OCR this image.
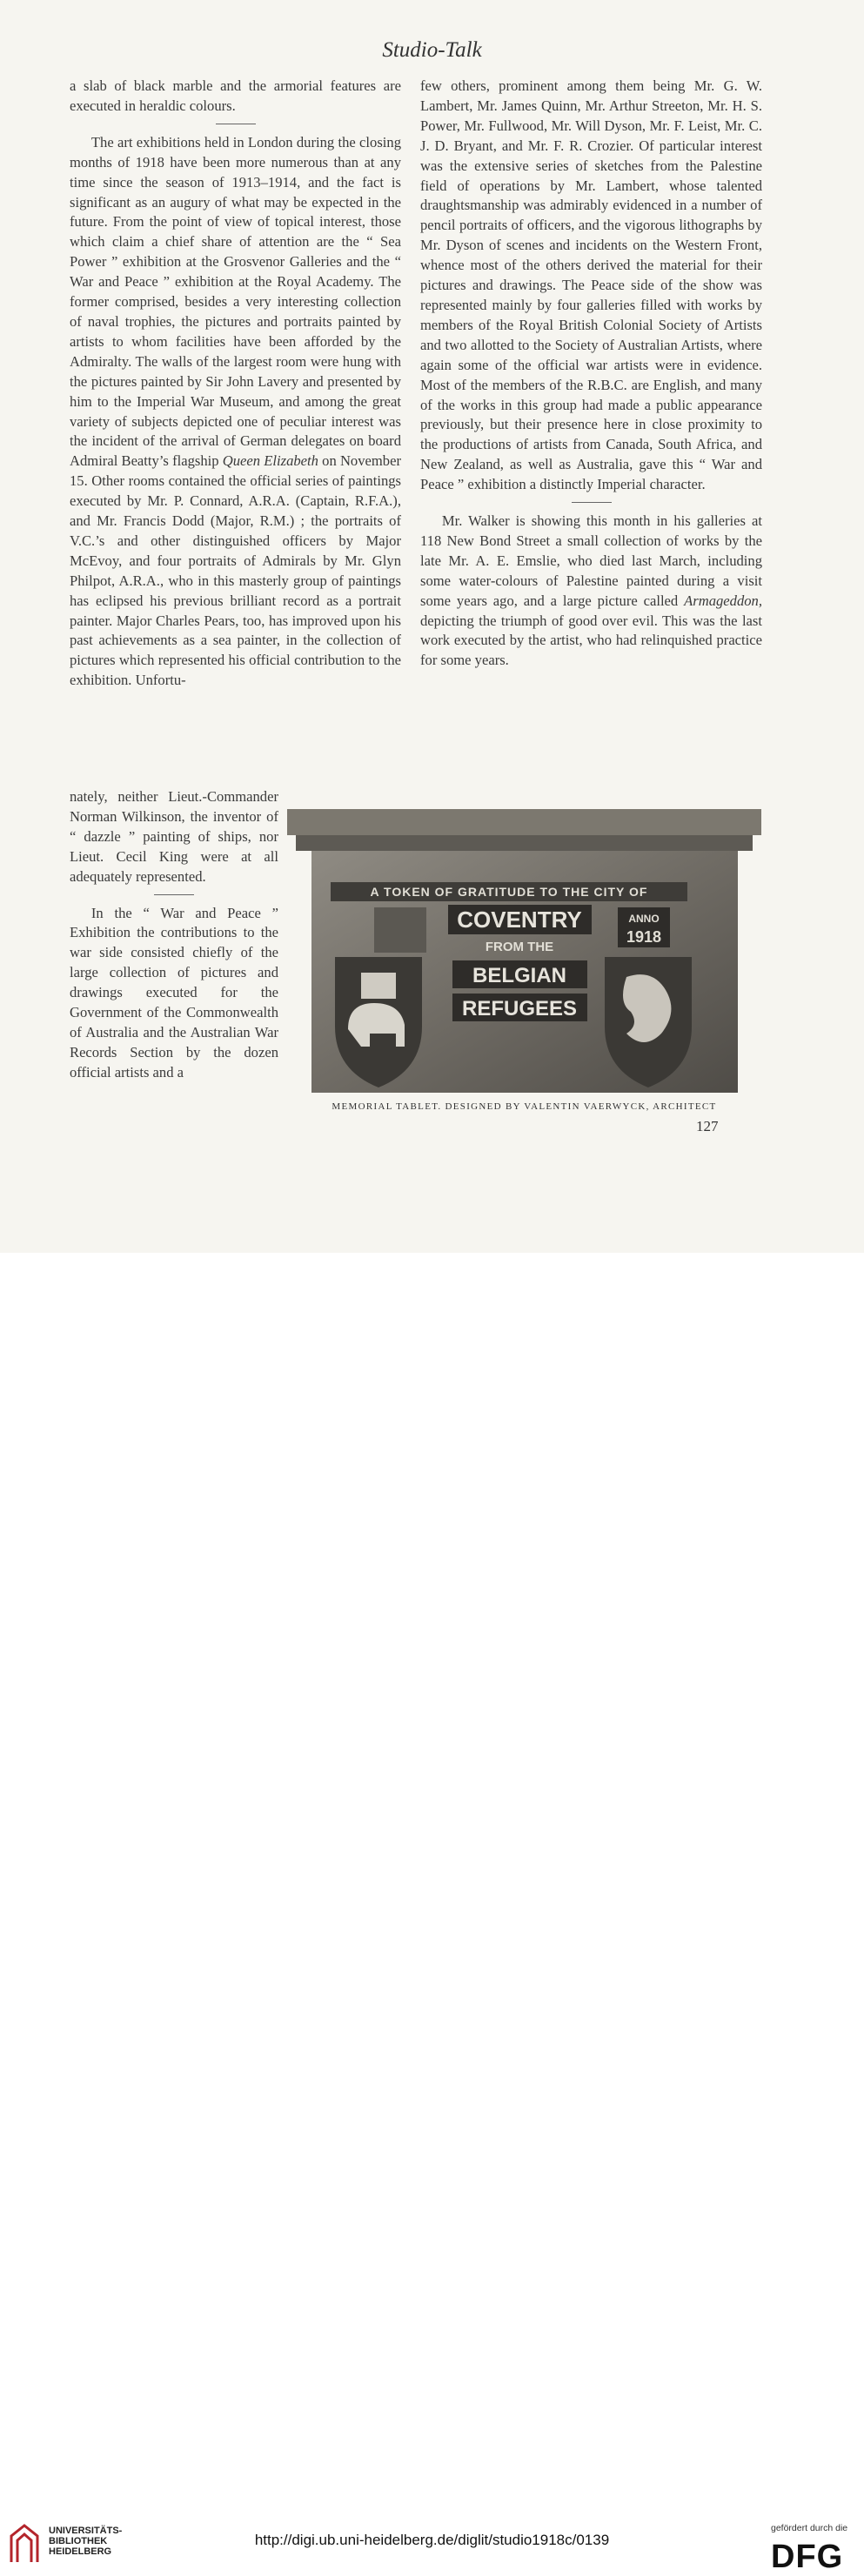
Studio-Talk

a slab of black marble and the armorial features are executed in heraldic colours.

The art exhibitions held in London during the closing months of 1918 have been more numerous than at any time since the season of 1913–1914, and the fact is significant as an augury of what may be expected in the future. From the point of view of topical interest, those which claim a chief share of attention are the “ Sea Power ” exhibition at the Grosvenor Galleries and the “ War and Peace ” exhibition at the Royal Academy. The former comprised, besides a very interesting collection of naval trophies, the pictures and portraits painted by artists to whom facilities have been afforded by the Admiralty. The walls of the largest room were hung with the pictures painted by Sir John Lavery and presented by him to the Imperial War Museum, and among the great variety of subjects depicted one of peculiar interest was the incident of the arrival of German delegates on board Admiral Beatty’s flagship Queen Elizabeth on November 15. Other rooms contained the official series of paintings executed by Mr. P. Connard, A.R.A. (Captain, R.F.A.), and Mr. Francis Dodd (Major, R.M.) ; the portraits of V.C.’s and other distinguished officers by Major McEvoy, and four portraits of Admirals by Mr. Glyn Philpot, A.R.A., who in this masterly group of paintings has eclipsed his previous brilliant record as a portrait painter. Major Charles Pears, too, has improved upon his past achievements as a sea painter, in the collection of pictures which represented his official contribution to the exhibition. Unfortu-

nately, neither Lieut.-Commander Norman Wilkinson, the inventor of “ dazzle ” painting of ships, nor Lieut. Cecil King were at all adequately represented.

In the “ War and Peace ” Exhibition the contributions to the war side consisted chiefly of the large collection of pictures and drawings executed for the Government of the Commonwealth of Australia and the Australian War Records Section by the dozen official artists and a

few others, prominent among them being Mr. G. W. Lambert, Mr. James Quinn, Mr. Arthur Streeton, Mr. H. S. Power, Mr. Fullwood, Mr. Will Dyson, Mr. F. Leist, Mr. C. J. D. Bryant, and Mr. F. R. Crozier. Of particular interest was the extensive series of sketches from the Palestine field of operations by Mr. Lambert, whose talented draughtsmanship was admirably evidenced in a number of pencil portraits of officers, and the vigorous lithographs by Mr. Dyson of scenes and incidents on the Western Front, whence most of the others derived the material for their pictures and drawings. The Peace side of the show was represented mainly by four galleries filled with works by members of the Royal British Colonial Society of Artists and two allotted to the Society of Australian Artists, where again some of the official war artists were in evidence. Most of the members of the R.B.C. are English, and many of the works in this group had made a public appearance previously, but their presence here in close proximity to the productions of artists from Canada, South Africa, and New Zealand, as well as Australia, gave this “ War and Peace ” exhibition a distinctly Imperial character.

Mr. Walker is showing this month in his galleries at 118 New Bond Street a small collection of works by the late Mr. A. E. Emslie, who died last March, including some water-colours of Palestine painted during a visit some years ago, and a large picture called Armageddon, depicting the triumph of good over evil. This was the last work executed by the artist, who had relinquished practice for some years.

A TOKEN OF GRATITUDE TO THE CITY OF
COVENTRY
FROM THE
BELGIAN
REFUGEES
ANNO
1918
MEMORIAL TABLET. DESIGNED BY VALENTIN VAERWYCK, ARCHITECT
127
UNIVERSITÄTS-
BIBLIOTHEK
HEIDELBERG
http://digi.ub.uni-heidelberg.de/diglit/studio1918c/0139
gefördert durch die
DFG
